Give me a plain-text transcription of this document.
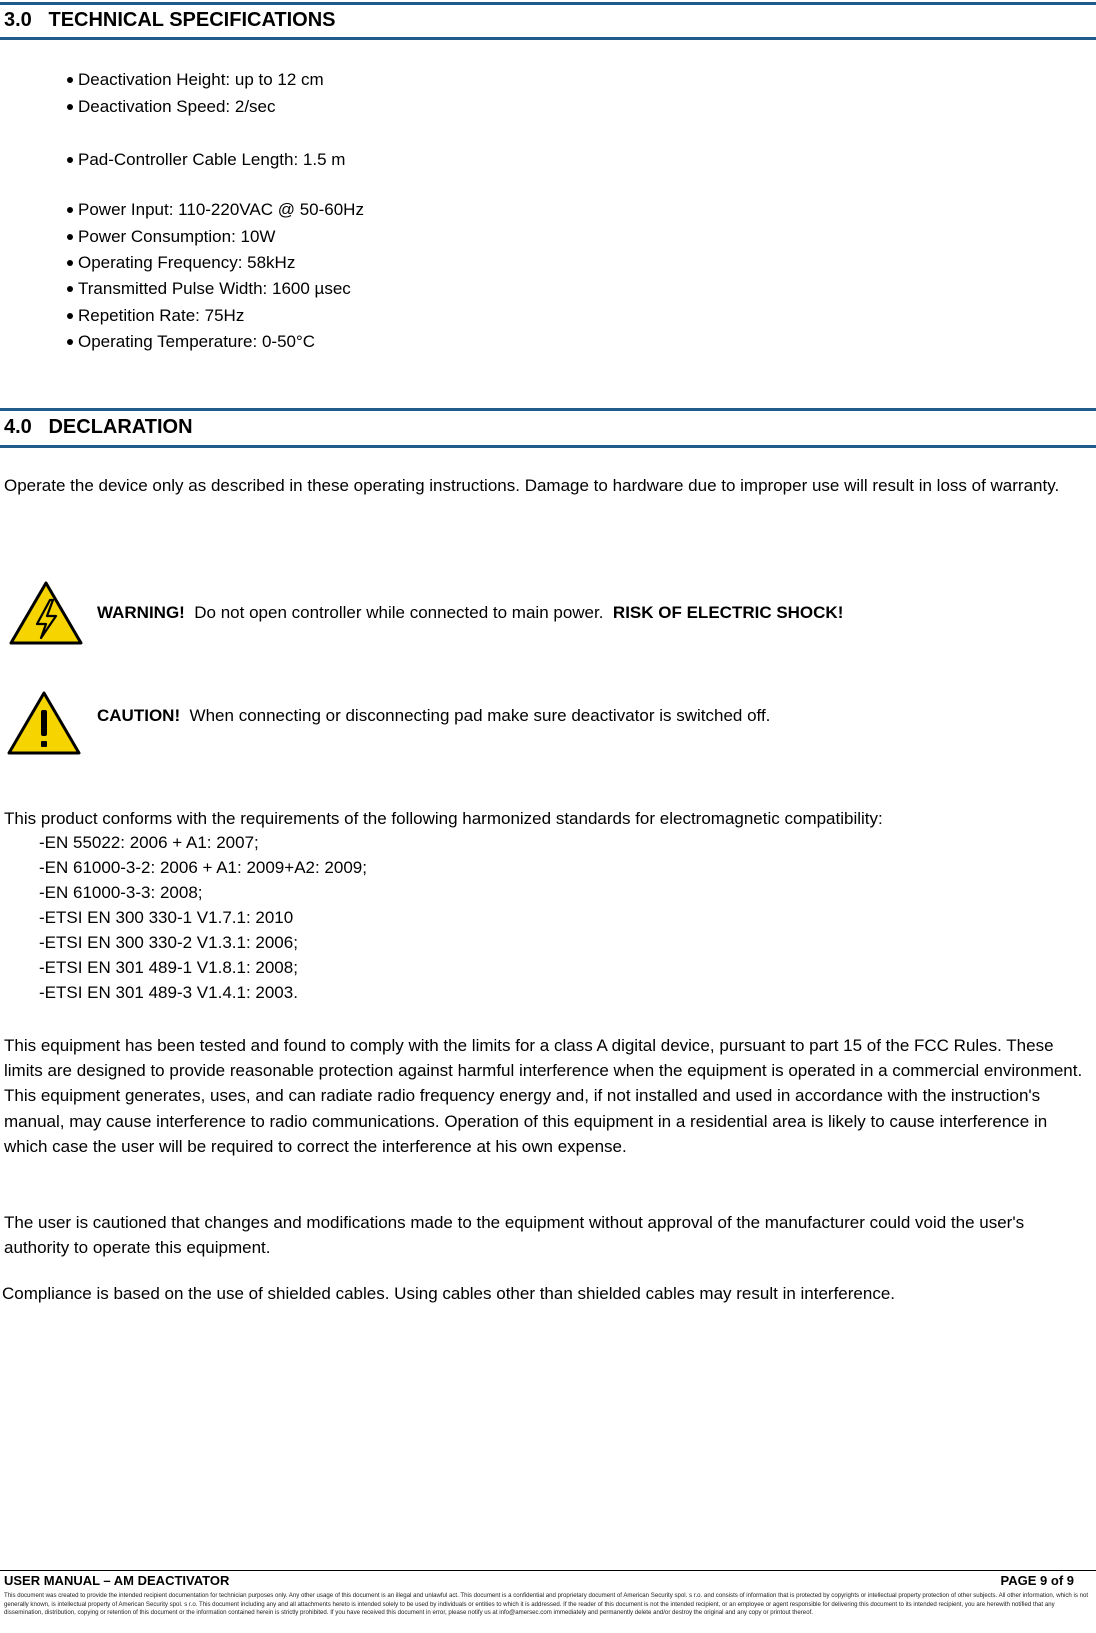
3.0   TECHNICAL SPECIFICATIONS
Deactivation Height: up to 12 cm
Deactivation Speed: 2/sec
Pad-Controller Cable Length: 1.5 m
Power Input: 110-220VAC @ 50-60Hz
Power Consumption: 10W
Operating Frequency: 58kHz
Transmitted Pulse Width: 1600 µsec
Repetition Rate: 75Hz
Operating Temperature: 0-50°C
4.0   DECLARATION
Operate the device only as described in these operating instructions. Damage to hardware due to improper use will result in loss of warranty.
WARNING!  Do not open controller while connected to main power.  RISK OF ELECTRIC SHOCK!
CAUTION!  When connecting or disconnecting pad make sure deactivator is switched off.
This product conforms with the requirements of the following harmonized standards for electromagnetic compatibility:
-EN 55022: 2006 + A1: 2007;
-EN 61000-3-2: 2006 + A1: 2009+A2: 2009;
-EN 61000-3-3: 2008;
-ETSI EN 300 330-1 V1.7.1: 2010
-ETSI EN 300 330-2 V1.3.1: 2006;
-ETSI EN 301 489-1 V1.8.1: 2008;
-ETSI EN 301 489-3 V1.4.1: 2003.
This equipment has been tested and found to comply with the limits for a class A digital device, pursuant to part 15 of the FCC Rules. These limits are designed to provide reasonable protection against harmful interference when the equipment is operated in a commercial environment. This equipment generates, uses, and can radiate radio frequency energy and, if not installed and used in accordance with the instruction's manual, may cause interference to radio communications. Operation of this equipment in a residential area is likely to cause interference in which case the user will be required to correct the interference at his own expense.
The user is cautioned that changes and modifications made to the equipment without approval of the manufacturer could void the user's authority to operate this equipment.
Compliance is based on the use of shielded cables. Using cables other than shielded cables may result in interference.
USER MANUAL – AM DEACTIVATOR	PAGE 9 of 9
This document was created to provide the intended recipient documentation for technician purposes only. Any other usage of this document is an illegal and unlawful act. This document is a confidential and proprietary document of American Security spol. s r.o. and consists of information that is protected by copyrights or intellectual property protection of other subjects. All other information, which is not generally known, is intellectual property of American Security spol. s r.o. This document including any and all attachments hereto is intended solely to be used by individuals or entities to which it is addressed. If the reader of this document is not the intended recipient, or an employee or agent responsible for delivering this document to its intended recipient, you are herewith notified that any dissemination, distribution, copying or retention of this document or the information contained herein is strictly prohibited. If you have received this document in error, please notify us at info@amersec.com immediately and permanently delete and/or destroy the original and any copy or printout thereof.
